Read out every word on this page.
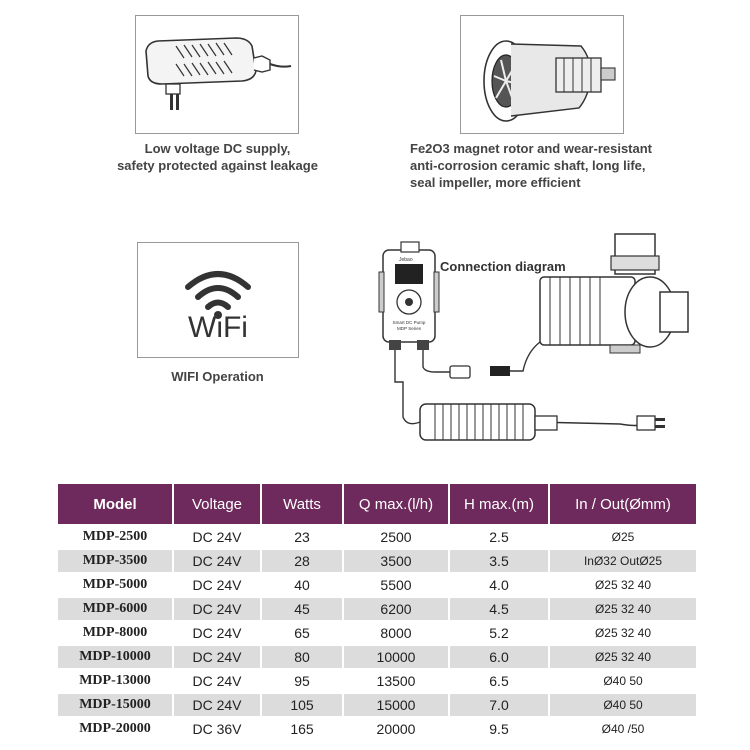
Low voltage DC supply,
safety protected against leakage
Fe2O3 magnet rotor and wear-resistant
anti-corrosion ceramic shaft, long life,
seal impeller, more efficient
WiFi
WIFI Operation
Connection diagram
Jebao
Smart DC Pump
MDP Series
Model	Voltage	Watts	Q max.(l/h)	H max.(m)	In / Out(Ømm)
MDP-2500	DC 24V	23	2500	2.5	Ø25
MDP-3500	DC 24V	28	3500	3.5	InØ32 OutØ25
MDP-5000	DC 24V	40	5500	4.0	Ø25 32 40
MDP-6000	DC 24V	45	6200	4.5	Ø25 32 40
MDP-8000	DC 24V	65	8000	5.2	Ø25 32 40
MDP-10000	DC 24V	80	10000	6.0	Ø25 32 40
MDP-13000	DC 24V	95	13500	6.5	Ø40 50
MDP-15000	DC 24V	105	15000	7.0	Ø40 50
MDP-20000	DC 36V	165	20000	9.5	Ø40 /50
